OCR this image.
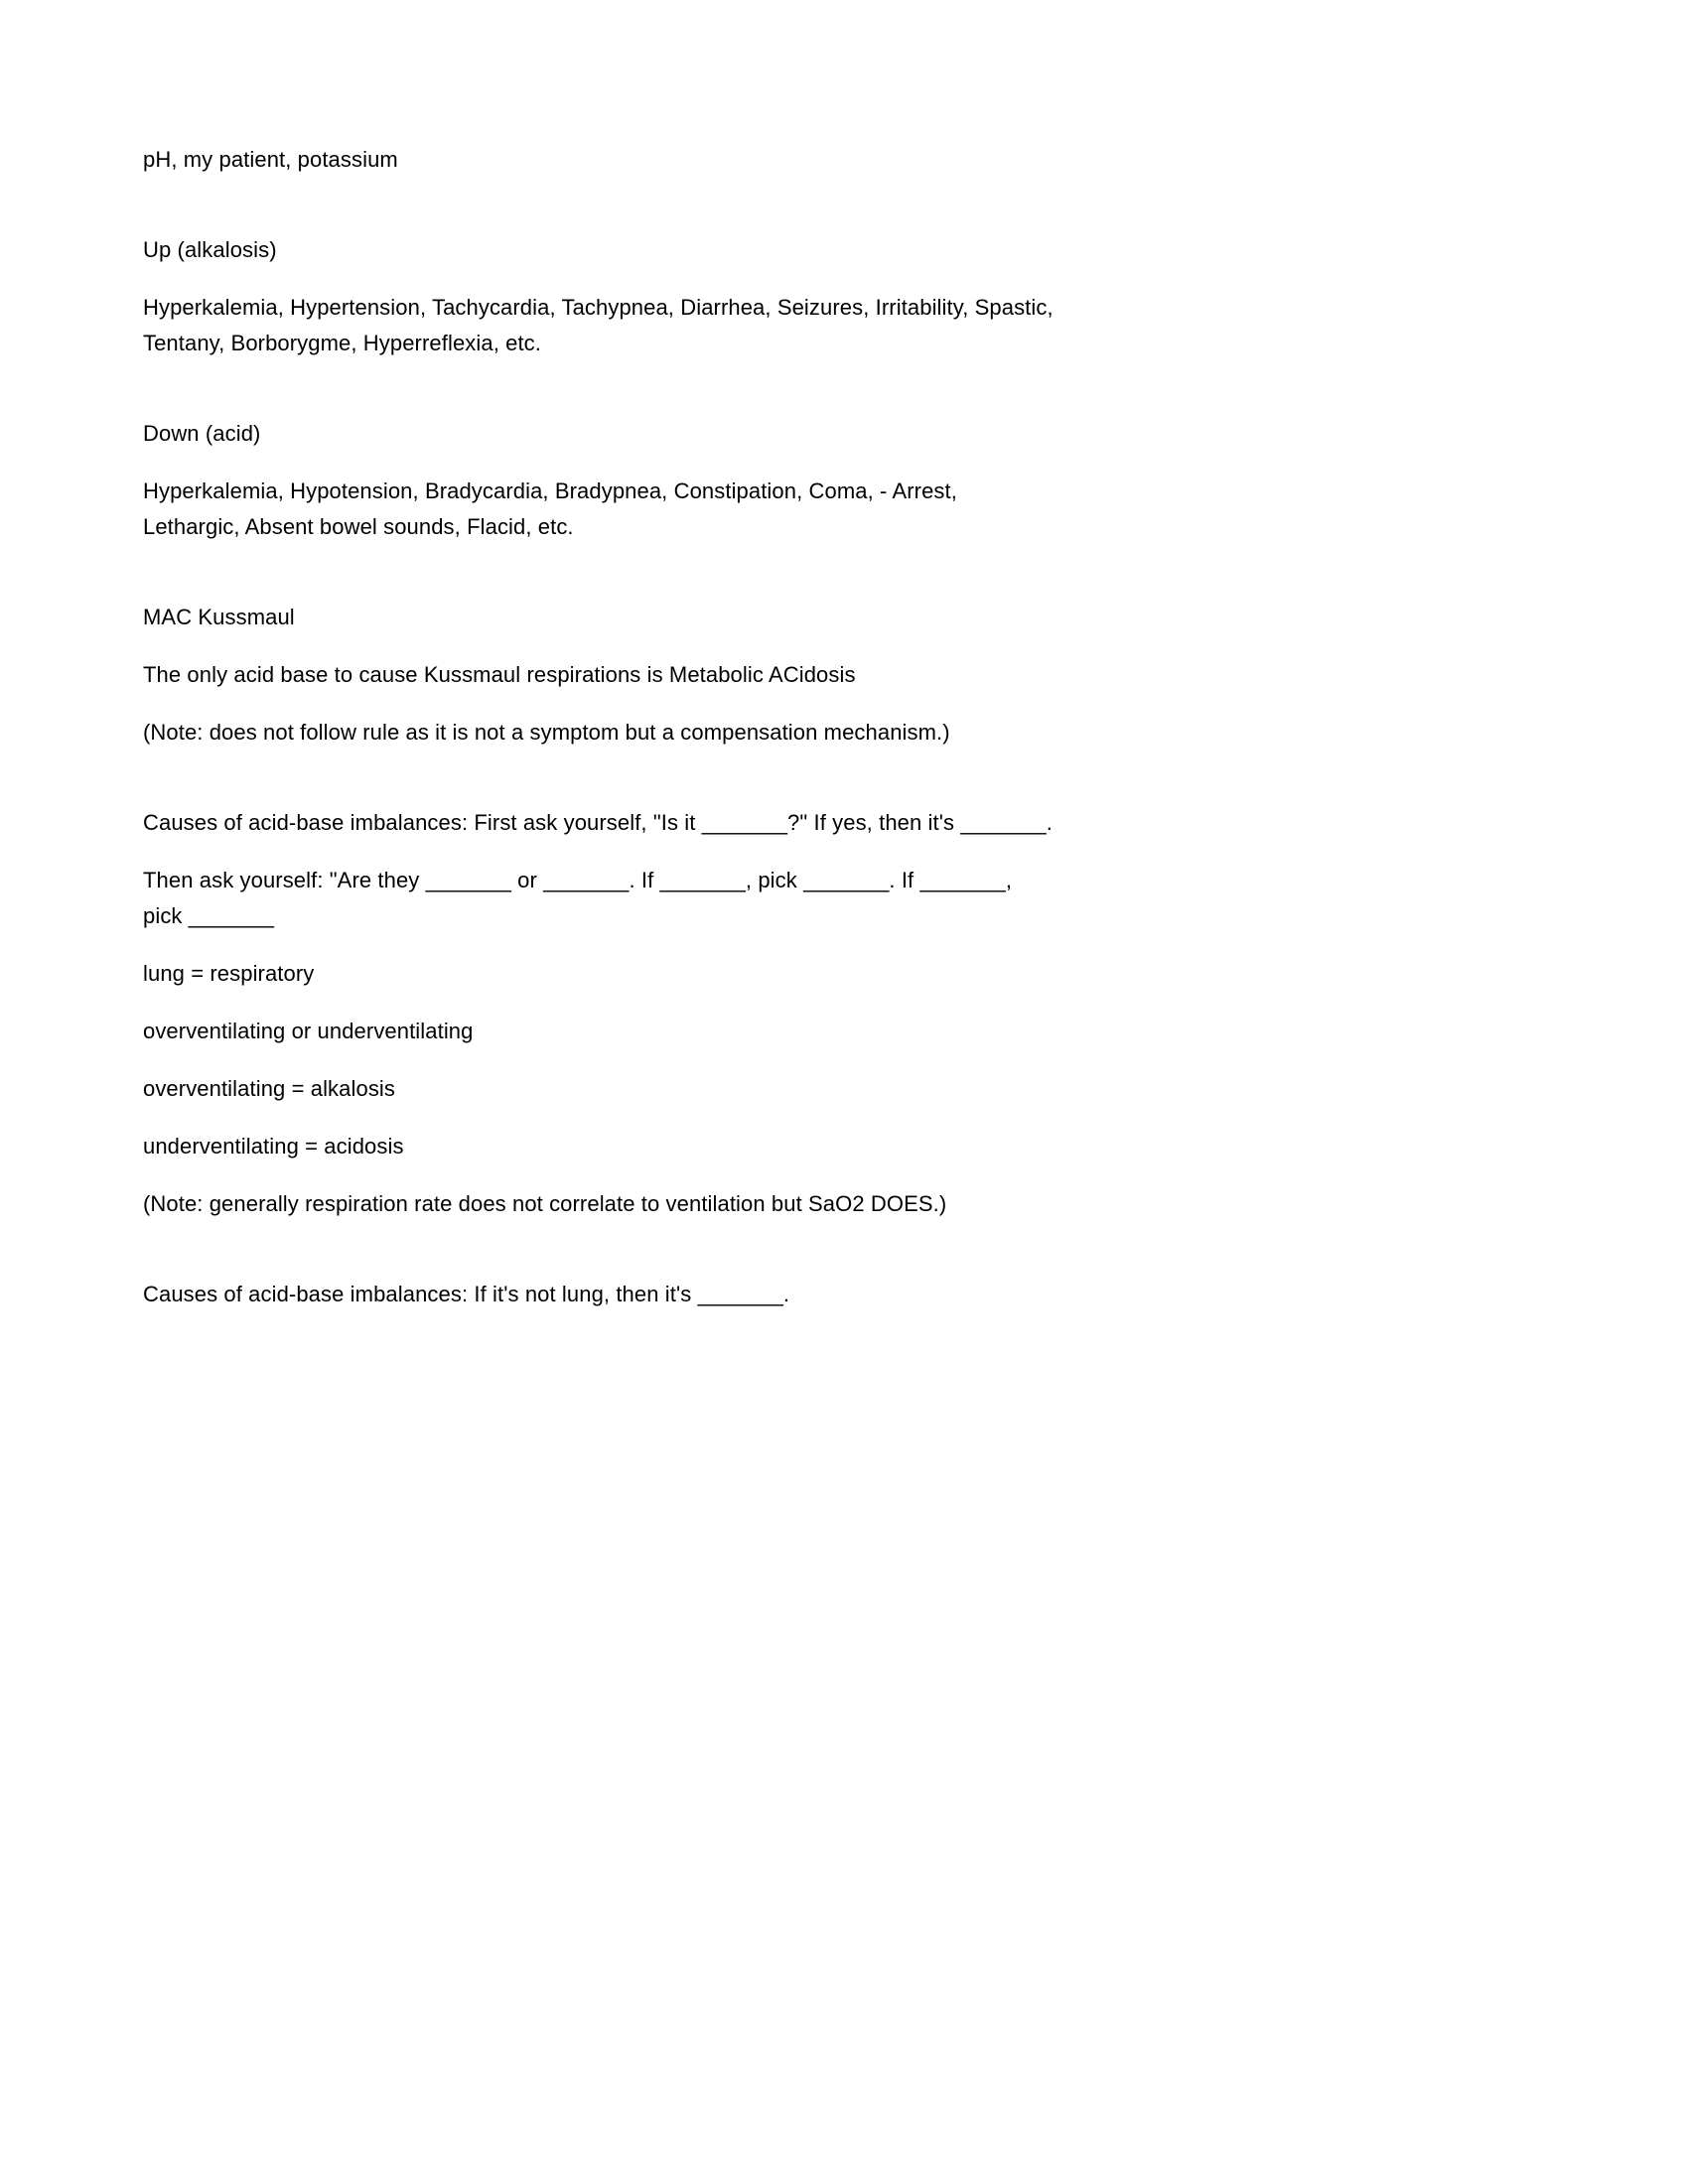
pH, my patient, potassium

Up (alkalosis)

Hyperkalemia, Hypertension, Tachycardia, Tachypnea, Diarrhea, Seizures, Irritability, Spastic, Tentany, Borborygme, Hyperreflexia, etc.

Down (acid)

Hyperkalemia, Hypotension, Bradycardia, Bradypnea, Constipation, Coma, - Arrest, Lethargic, Absent bowel sounds, Flacid, etc.

MAC Kussmaul

The only acid base to cause Kussmaul respirations is Metabolic ACidosis

(Note: does not follow rule as it is not a symptom but a compensation mechanism.)

Causes of acid-base imbalances: First ask yourself, "Is it _______?" If yes, then it's _______.

Then ask yourself: "Are they _______ or _______. If _______, pick _______. If _______, pick _______

lung = respiratory

overventilating or underventilating

overventilating = alkalosis

underventilating = acidosis

(Note: generally respiration rate does not correlate to ventilation but SaO2 DOES.)

Causes of acid-base imbalances: If it's not lung, then it's _______.
